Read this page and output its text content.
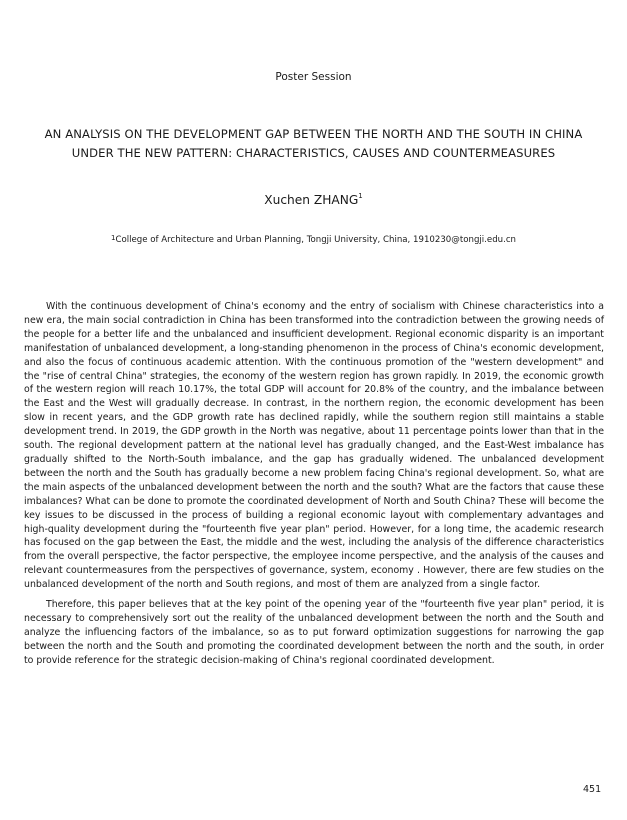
Poster Session
AN ANALYSIS ON THE DEVELOPMENT GAP BETWEEN THE NORTH AND THE SOUTH IN CHINA
UNDER THE NEW PATTERN: CHARACTERISTICS, CAUSES AND COUNTERMEASURES
Xuchen ZHANG$^1$
$^1$College of Architecture and Urban Planning, Tongji University, China, 1910230@tongji.edu.cn

With the continuous development of China's economy and the entry of socialism with Chinese characteristics into a new era, the main social contradiction in China has been transformed into the contradiction between the growing needs of the people for a better life and the unbalanced and insufficient development. Regional economic disparity is an important manifestation of unbalanced development, a long-standing phenomenon in the process of China's economic development, and also the focus of continuous academic attention. With the continuous promotion of the "western development" and the "rise of central China" strategies, the economy of the western region has grown rapidly. In 2019, the economic growth of the western region will reach 10.17%, the total GDP will account for 20.8% of the country, and the imbalance between the East and the West will gradually decrease. In contrast, in the northern region, the economic development has been slow in recent years, and the GDP growth rate has declined rapidly, while the southern region still maintains a stable development trend. In 2019, the GDP growth in the North was negative, about 11 percentage points lower than that in the south. The regional development pattern at the national level has gradually changed, and the East-West imbalance has gradually shifted to the North-South imbalance, and the gap has gradually widened. The unbalanced development between the north and the South has gradually become a new problem facing China's regional development. So, what are the main aspects of the unbalanced development between the north and the south? What are the factors that cause these imbalances? What can be done to promote the coordinated development of North and South China? These will become the key issues to be discussed in the process of building a regional economic layout with complementary advantages and high-quality development during the "fourteenth five year plan" period. However, for a long time, the academic research has focused on the gap between the East, the middle and the west, including the analysis of the difference characteristics from the overall perspective, the factor perspective, the employee income perspective, and the analysis of the causes and relevant countermeasures from the perspectives of governance, system, economy . However, there are few studies on the unbalanced development of the north and South regions, and most of them are analyzed from a single factor.

Therefore, this paper believes that at the key point of the opening year of the "fourteenth five year plan" period, it is necessary to comprehensively sort out the reality of the unbalanced development between the north and the South and analyze the influencing factors of the imbalance, so as to put forward optimization suggestions for narrowing the gap between the north and the South and promoting the coordinated development between the north and the south, in order to provide reference for the strategic decision-making of China's regional coordinated development.

451
